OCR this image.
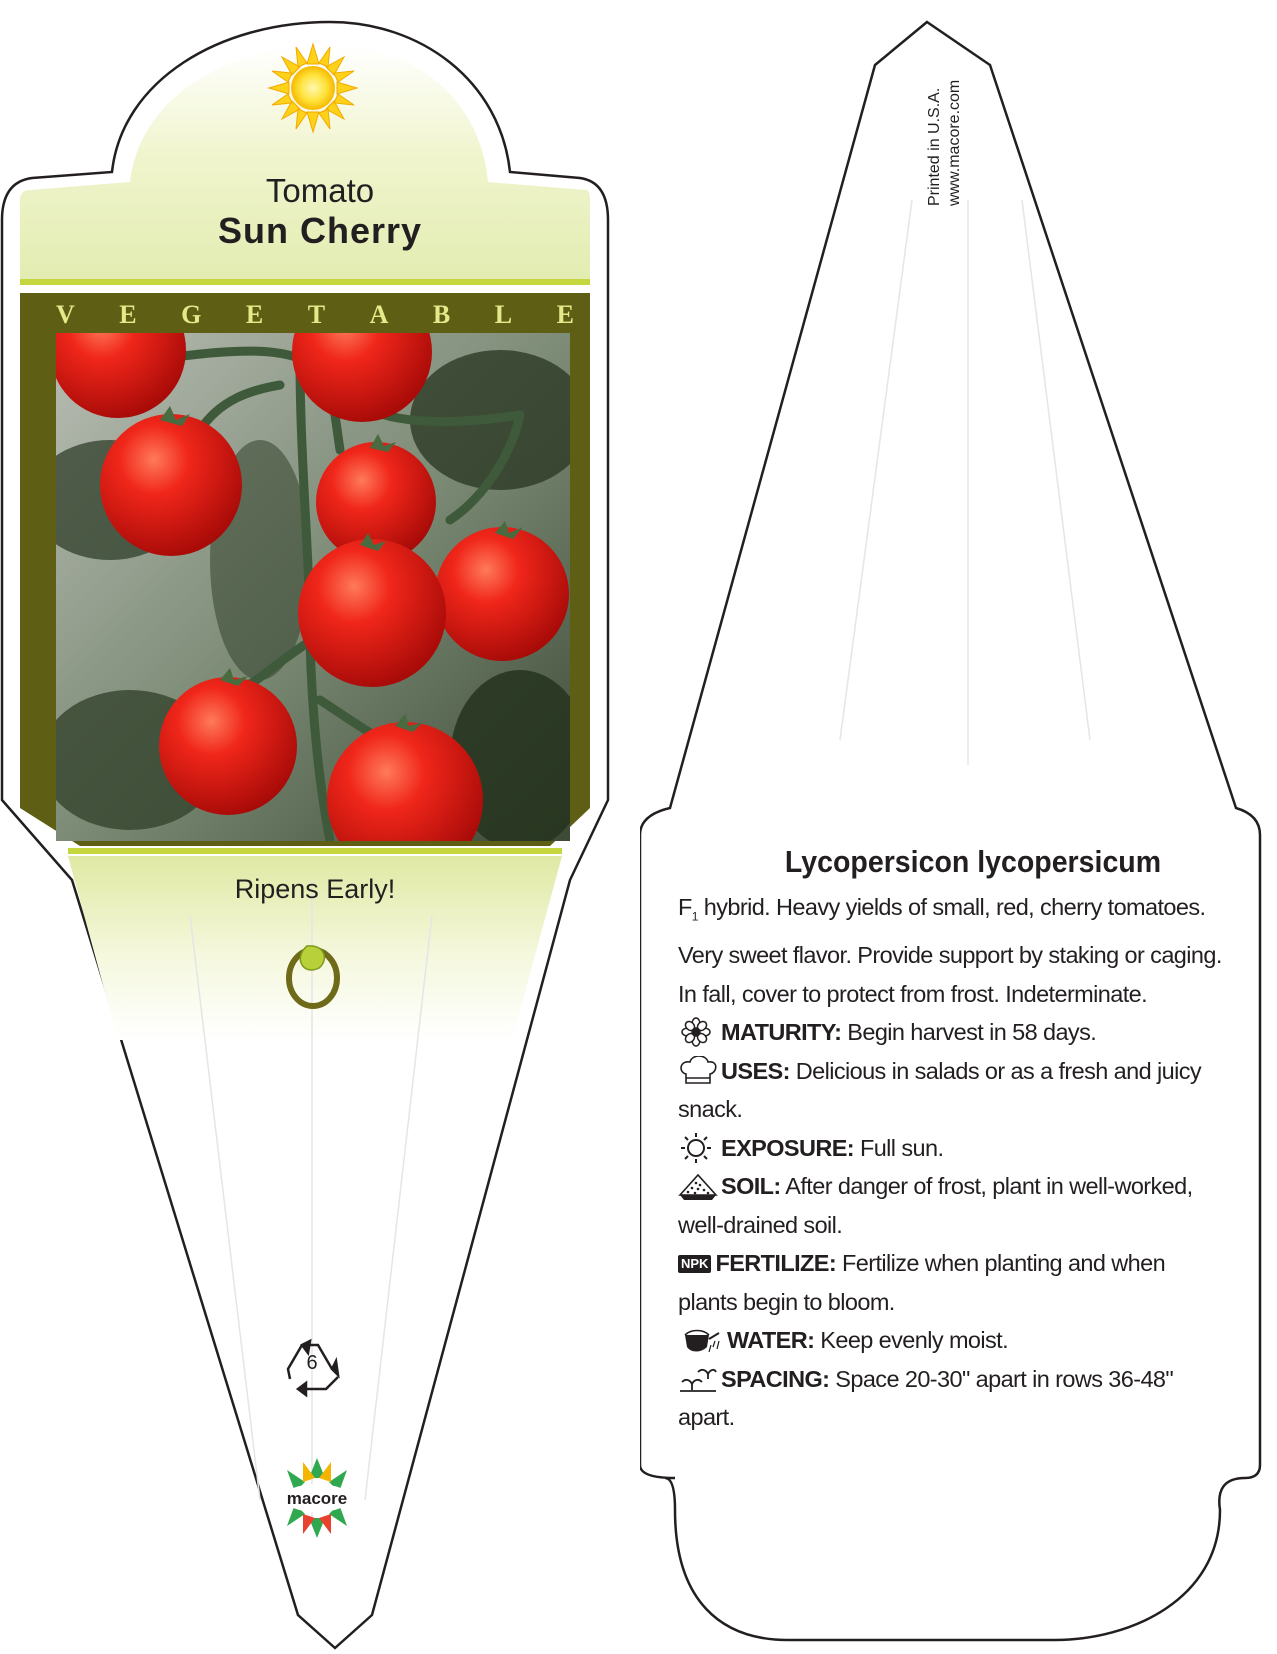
Tomato
Sun Cherry
V E G E T A B L E
Ripens Early!
6
macore
Printed in U.S.A. www.macore.com
Lycopersicon lycopersicum
$F_1$ hybrid. Heavy yields of small, red, cherry tomatoes.
Very sweet flavor. Provide support by staking or caging.
In fall, cover to protect from frost. Indeterminate.
MATURITY: Begin harvest in 58 days.
USES: Delicious in salads or as a fresh and juicy
snack.
EXPOSURE: Full sun.
SOIL: After danger of frost, plant in well-worked,
well-drained soil.
NPK FERTILIZE: Fertilize when planting and when
plants begin to bloom.
WATER: Keep evenly moist.
SPACING: Space 20-30" apart in rows 36-48"
apart.
